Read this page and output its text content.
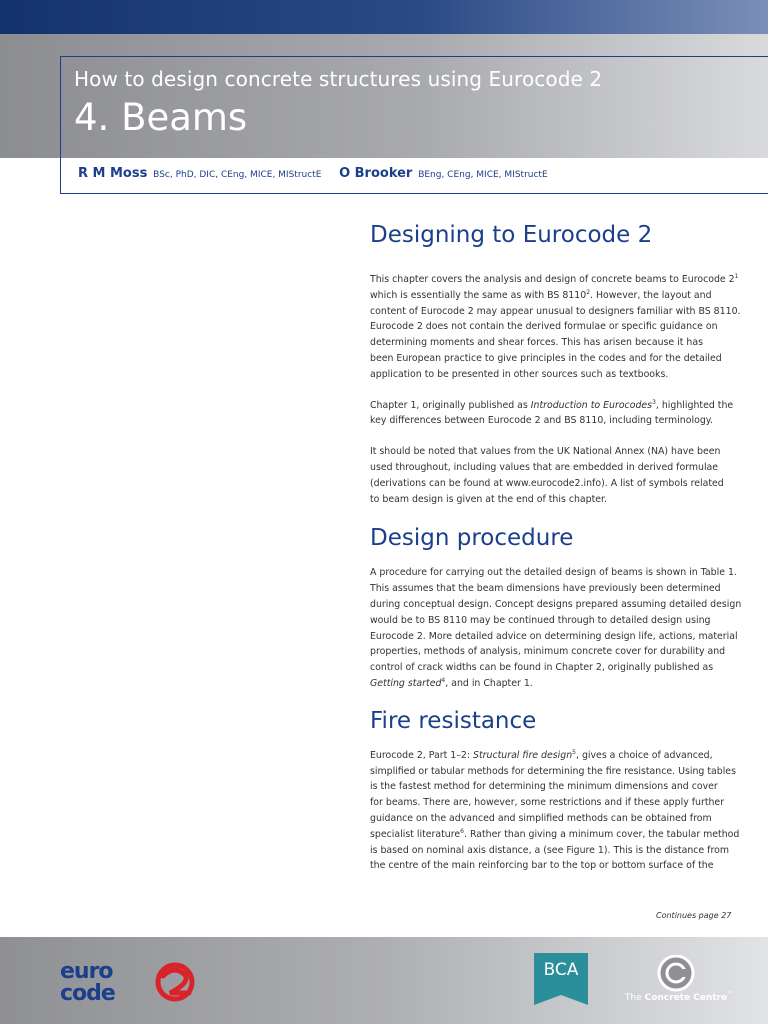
How to design concrete structures using Eurocode 2
4. Beams
R M Moss BSc, PhD, DIC, CEng, MICE, MIStructE O Brooker BEng, CEng, MICE, MIStructE
Designing to Eurocode 2

This chapter covers the analysis and design of concrete beams to Eurocode $2^1$
which is essentially the same as with BS 8110$^2$. However, the layout and
content of Eurocode 2 may appear unusual to designers familiar with BS 8110.
Eurocode 2 does not contain the derived formulae or specific guidance on
determining moments and shear forces. This has arisen because it has
been European practice to give principles in the codes and for the detailed
application to be presented in other sources such as textbooks.

Chapter 1, originally published as Introduction to Eurocodes$^3$, highlighted the
key differences between Eurocode 2 and BS 8110, including terminology.

It should be noted that values from the UK National Annex (NA) have been
used throughout, including values that are embedded in derived formulae
(derivations can be found at www.eurocode2.info). A list of symbols related
to beam design is given at the end of this chapter.

Design procedure

A procedure for carrying out the detailed design of beams is shown in Table 1.
This assumes that the beam dimensions have previously been determined
during conceptual design. Concept designs prepared assuming detailed design
would be to BS 8110 may be continued through to detailed design using
Eurocode 2. More detailed advice on determining design life, actions, material
properties, methods of analysis, minimum concrete cover for durability and
control of crack widths can be found in Chapter 2, originally published as
Getting started$^4$, and in Chapter 1.

Fire resistance

Eurocode 2, Part 1–2: Structural fire design$^5$, gives a choice of advanced,
simplified or tabular methods for determining the fire resistance. Using tables
is the fastest method for determining the minimum dimensions and cover
for beams. There are, however, some restrictions and if these apply further
guidance on the advanced and simplified methods can be obtained from
specialist literature$^6$. Rather than giving a minimum cover, the tabular method
is based on nominal axis distance, a (see Figure 1). This is the distance from
the centre of the main reinforcing bar to the top or bottom surface of the

Continues page 27
euro
code
BCA
The Concrete Centre™
